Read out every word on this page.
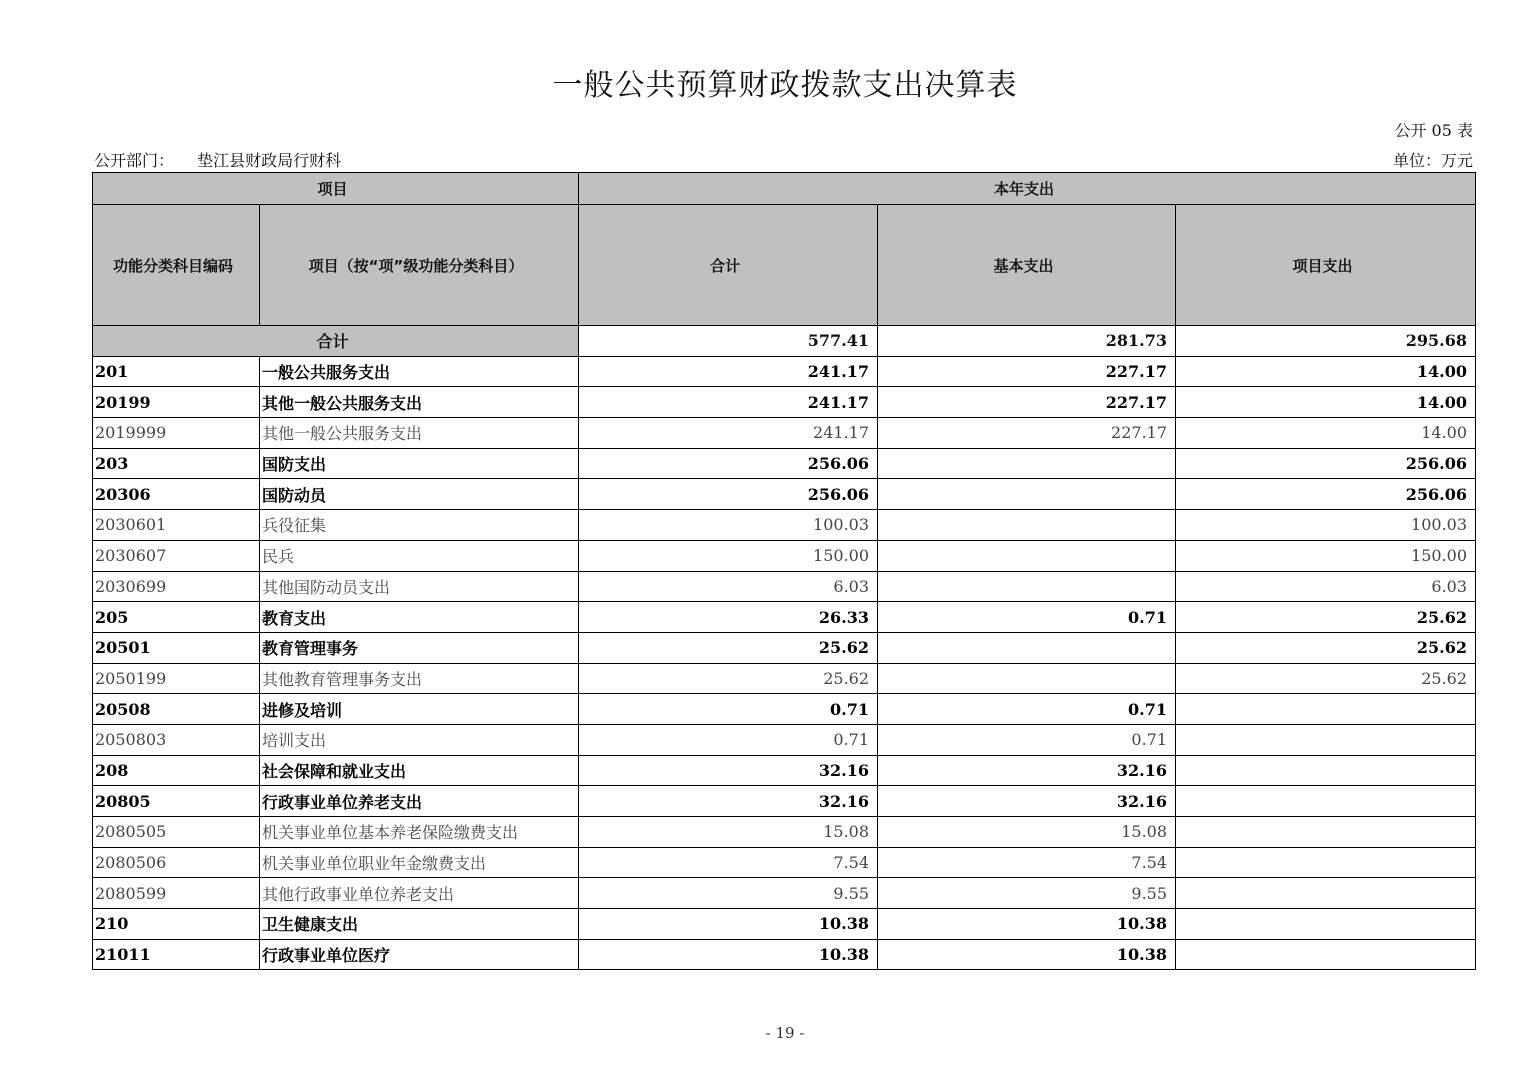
一般公共预算财政拨款支出决算表
公开 05 表
公开部门： 垫江县财政局行财科	单位：万元
项目		本年支出		
功能分类科目编码	项目（按“项”级功能分类科目）	合计	基本支出	项目支出
合计		577.41	281.73	295.68
201	一般公共服务支出	241.17	227.17	14.00
20199	其他一般公共服务支出	241.17	227.17	14.00
2019999	其他一般公共服务支出	241.17	227.17	14.00
203	国防支出	256.06		256.06
20306	国防动员	256.06		256.06
2030601	兵役征集	100.03		100.03
2030607	民兵	150.00		150.00
2030699	其他国防动员支出	6.03		6.03
205	教育支出	26.33	0.71	25.62
20501	教育管理事务	25.62		25.62
2050199	其他教育管理事务支出	25.62		25.62
20508	进修及培训	0.71	0.71	
2050803	培训支出	0.71	0.71	
208	社会保障和就业支出	32.16	32.16	
20805	行政事业单位养老支出	32.16	32.16	
2080505	机关事业单位基本养老保险缴费支出	15.08	15.08	
2080506	机关事业单位职业年金缴费支出	7.54	7.54	
2080599	其他行政事业单位养老支出	9.55	9.55	
210	卫生健康支出	10.38	10.38	
21011	行政事业单位医疗	10.38	10.38	
- 19 -
